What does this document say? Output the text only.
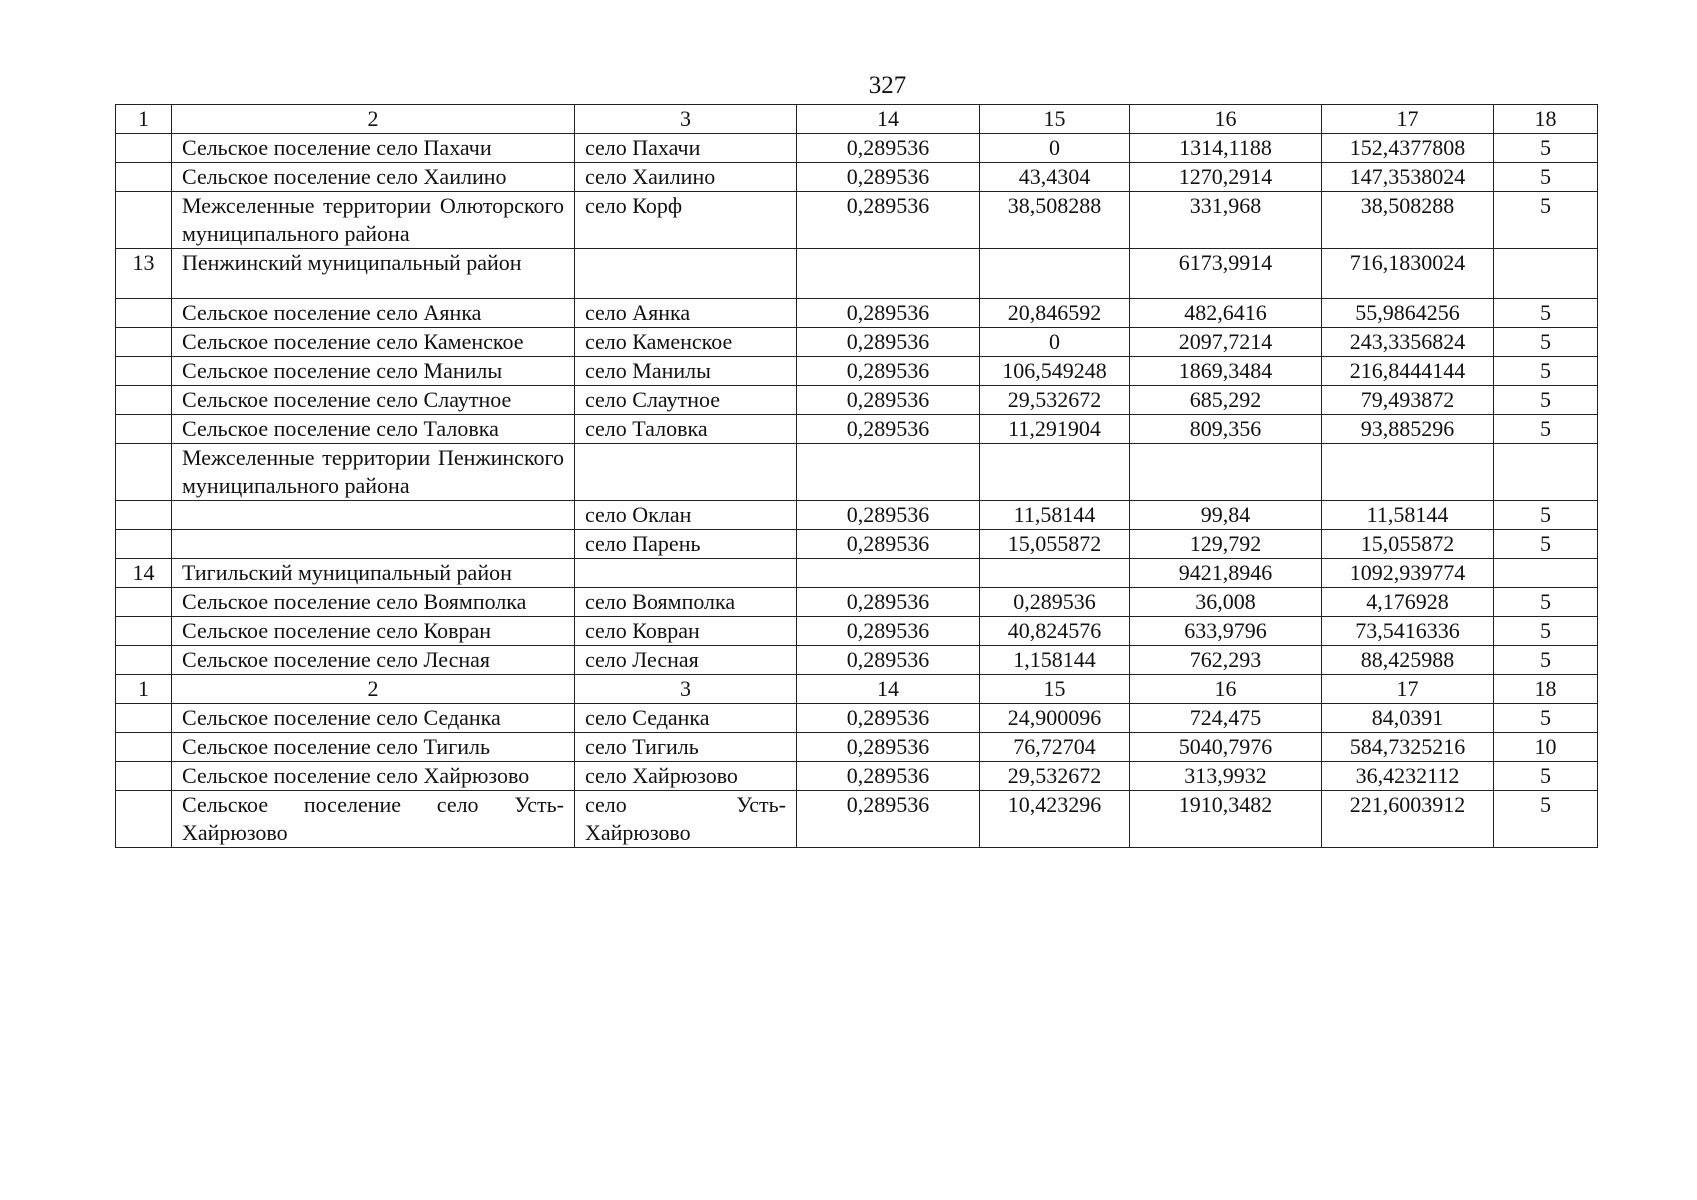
327
1	2	3	14	15	16	17	18
	Сельское поселение село Пахачи	село Пахачи	0,289536	0	1314,1188	152,4377808	5
	Сельское поселение село Хаилино	село Хаилино	0,289536	43,4304	1270,2914	147,3538024	5
	Межселенные территории Олюторского муниципального района	село Корф	0,289536	38,508288	331,968	38,508288	5
13	Пенжинский муниципальный район				6173,9914	716,1830024	
	Сельское поселение село Аянка	село Аянка	0,289536	20,846592	482,6416	55,9864256	5
	Сельское поселение село Каменское	село Каменское	0,289536	0	2097,7214	243,3356824	5
	Сельское поселение село Манилы	село Манилы	0,289536	106,549248	1869,3484	216,8444144	5
	Сельское поселение село Слаутное	село Слаутное	0,289536	29,532672	685,292	79,493872	5
	Сельское поселение село Таловка	село Таловка	0,289536	11,291904	809,356	93,885296	5
	Межселенные территории Пенжинского муниципального района						
		село Оклан	0,289536	11,58144	99,84	11,58144	5
		село Парень	0,289536	15,055872	129,792	15,055872	5
14	Тигильский муниципальный район				9421,8946	1092,939774	
	Сельское поселение село Воямполка	село Воямполка	0,289536	0,289536	36,008	4,176928	5
	Сельское поселение село Ковран	село Ковран	0,289536	40,824576	633,9796	73,5416336	5
	Сельское поселение село Лесная	село Лесная	0,289536	1,158144	762,293	88,425988	5
1	2	3	14	15	16	17	18
	Сельское поселение село Седанка	село Седанка	0,289536	24,900096	724,475	84,0391	5
	Сельское поселение село Тигиль	село Тигиль	0,289536	76,72704	5040,7976	584,7325216	10
	Сельское поселение село Хайрюзово	село Хайрюзово	0,289536	29,532672	313,9932	36,4232112	5
	Сельское поселение село Усть-Хайрюзово	село Усть-Хайрюзово	0,289536	10,423296	1910,3482	221,6003912	5
